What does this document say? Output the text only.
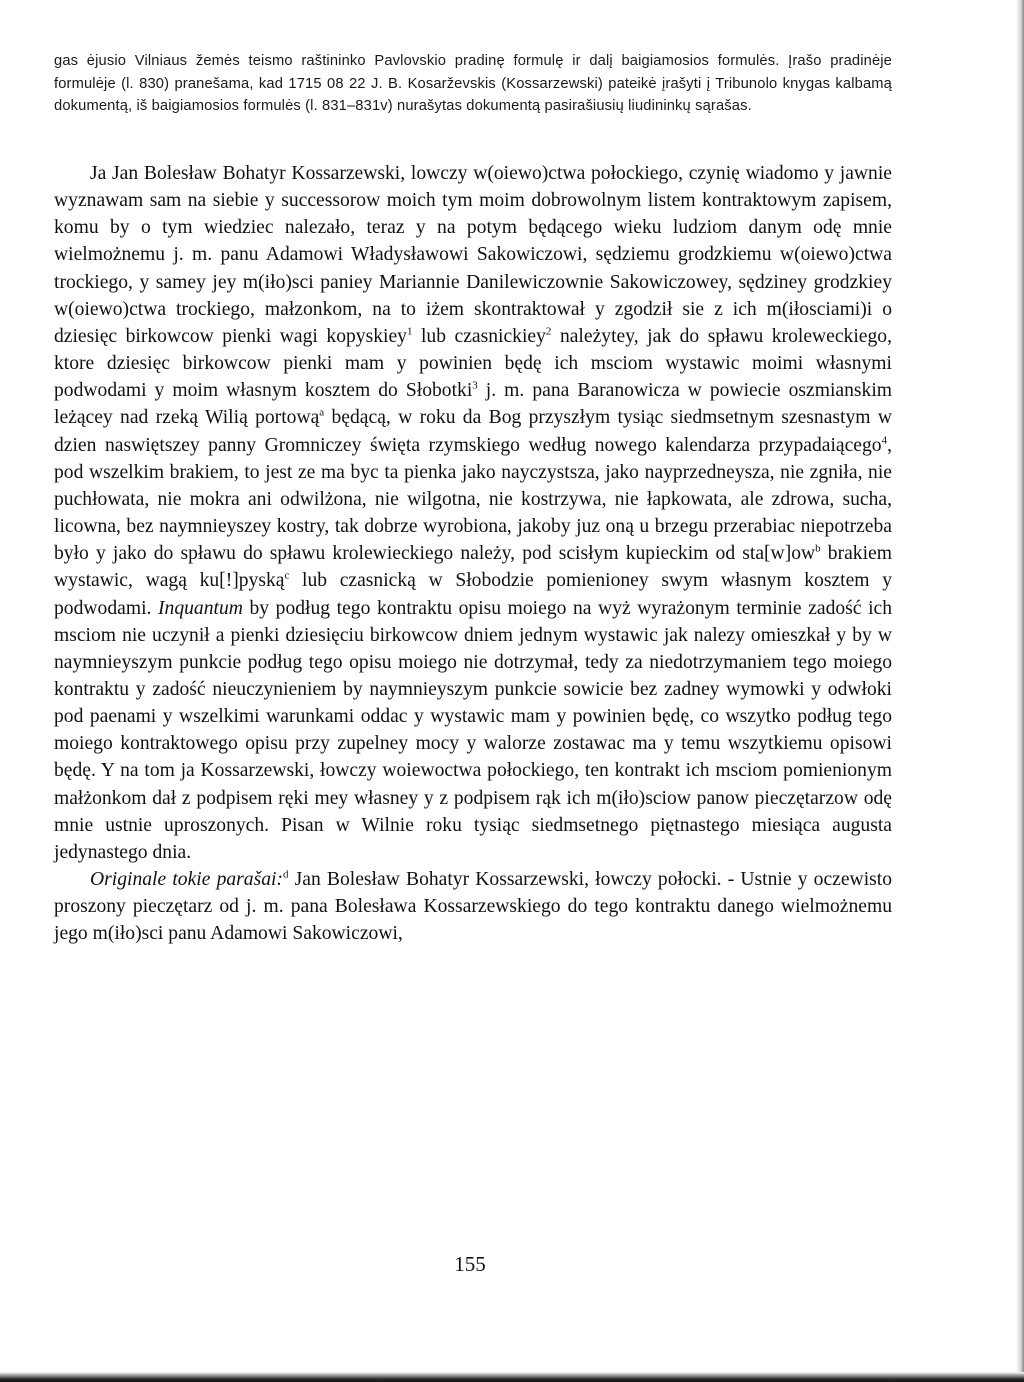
gas ėjusio Vilniaus žemės teismo raštininko Pavlovskio pradinę formulę ir dalį baigiamosios formulės. Įrašo pradinėje formulėje (l. 830) pranešama, kad 1715 08 22 J. B. Kosarževskis (Kossarzewski) pateikė įrašyti į Tribunolo knygas kalbamą dokumentą, iš baigiamosios formulės (l. 831–831v) nurašytas dokumentą pasirašiusių liudininkų sąrašas.

Ja Jan Bolesław Bohatyr Kossarzewski, lowczy w(oiewo)ctwa połockiego, czynię wiadomo y jawnie wyznawam sam na siebie y successorow moich tym moim dobrowolnym listem kontraktowym zapisem, komu by o tym wiedziec nalezało, teraz y na potym będącego wieku ludziom danym odę mnie wielmożnemu j. m. panu Adamowi Władysławowi Sakowiczowi, sędziemu grodzkiemu w(oiewo)ctwa trockiego, y samey jey m(iło)sci paniey Mariannie Danilewiczownie Sakowiczowey, sędziney grodzkiey w(oiewo)ctwa trockiego, małzonkom, na to iżem skontraktował y zgodził sie z ich m(iłosciami)i o dziesięc birkowcow pienki wagi kopyskiey$^1$ lub czasnickiey$^2$ należytey, jak do spławu kroleweckiego, ktore dziesięc birkowcow pienki mam y powinien będę ich msciom wystawic moimi własnymi podwodami y moim własnym kosztem do Słobotki$^3$ j. m. pana Baranowicza w powiecie oszmianskim leżącey nad rzeką Wilią portową$^a$ będącą, w roku da Bog przyszłym tysiąc siedmsetnym szesnastym w dzien naswiętszey panny Gromniczey święta rzymskiego według nowego kalendarza przypadaiącego$^4$, pod wszelkim brakiem, to jest ze ma byc ta pienka jako nayczystsza, jako nayprzedneysza, nie zgniła, nie puchłowata, nie mokra ani odwilżona, nie wilgotna, nie kostrzywa, nie łapkowata, ale zdrowa, sucha, licowna, bez naymnieyszey kostry, tak dobrze wyrobiona, jakoby juz oną u brzegu przerabiac niepotrzeba było y jako do spławu do spławu krolewieckiego należy, pod scisłym kupieckim od $sta[w]ow^b$ brakiem wystawic, wagą ku[!]pyską$^c$ lub czasnicką w Słobodzie pomienioney swym własnym kosztem y podwodami. Inquantum by podług tego kontraktu opisu moiego na wyż wyrażonym terminie zadość ich msciom nie uczynił a pienki dziesięciu birkowcow dniem jednym wystawic jak nalezy omieszkał y by w naymnieyszym punkcie podług tego opisu moiego nie dotrzymał, tedy za niedotrzymaniem tego moiego kontraktu y zadość nieuczynieniem by naymnieyszym punkcie sowicie bez zadney wymowki y odwłoki pod paenami y wszelkimi warunkami oddac y wystawic mam y powinien będę, co wszytko podług tego moiego kontraktowego opisu przy zupelney mocy y walorze zostawac ma y temu wszytkiemu opisowi będę. Y na tom ja Kossarzewski, łowczy woiewoctwa połockiego, ten kontrakt ich msciom pomienionym małżonkom dał z podpisem ręki mey własney y z podpisem rąk ich m(iło)sciow panow pieczętarzow odę mnie ustnie uproszonych. Pisan w Wilnie roku tysiąc siedmsetnego piętnastego miesiąca augusta jedynastego dnia.

Originale tokie parašai:$^d$ Jan Bolesław Bohatyr Kossarzewski, łowczy połocki. - Ustnie y oczewisto proszony pieczętarz od j. m. pana Bolesława Kossarzewskiego do tego kontraktu danego wielmożnemu jego m(iło)sci panu Adamowi Sakowiczowi,

155
